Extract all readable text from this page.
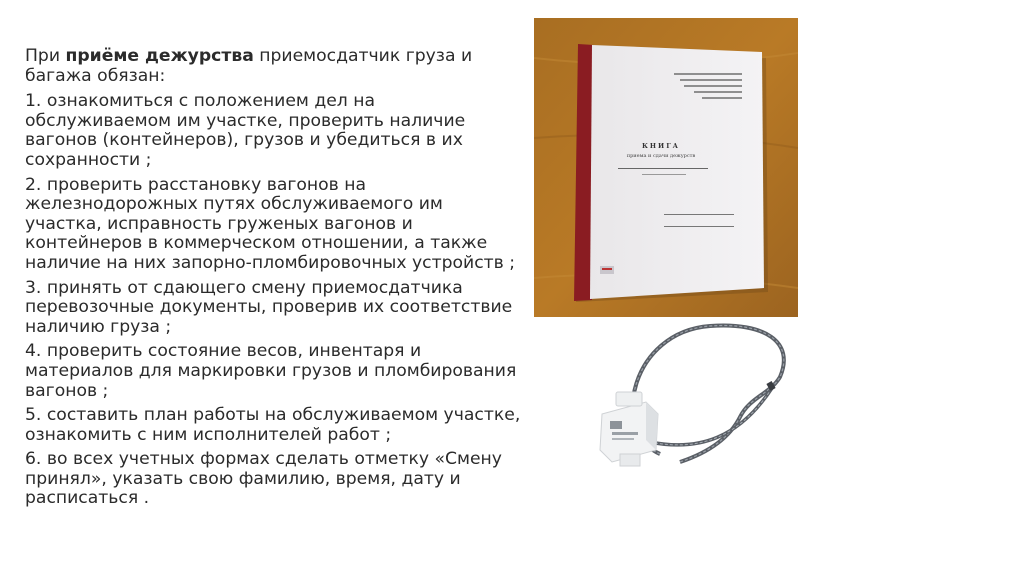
При приёме дежурства приемосдатчик груза и багажа обязан:

1. ознакомиться с положением дел на обслуживаемом им участке, проверить наличие вагонов (контейнеров), грузов и убедиться в их сохранности ;

2. проверить расстановку вагонов на железнодорожных путях обслуживаемого им участка, исправность груженых вагонов и контейнеров в коммерческом отношении, а также наличие на них запорно-пломбировочных устройств ;

3. принять от сдающего смену приемосдатчика перевозочные документы, проверив их соответствие наличию груза ;

4. проверить состояние весов, инвентаря и материалов для маркировки грузов и пломбирования вагонов ;

5. составить план работы на обслуживаемом участке, ознакомить с ним исполнителей работ ;

6. во всех учетных формах сделать отметку «Смену принял», указать свою фамилию, время, дату и расписаться .

КНИГА
приема и сдачи дежурств
